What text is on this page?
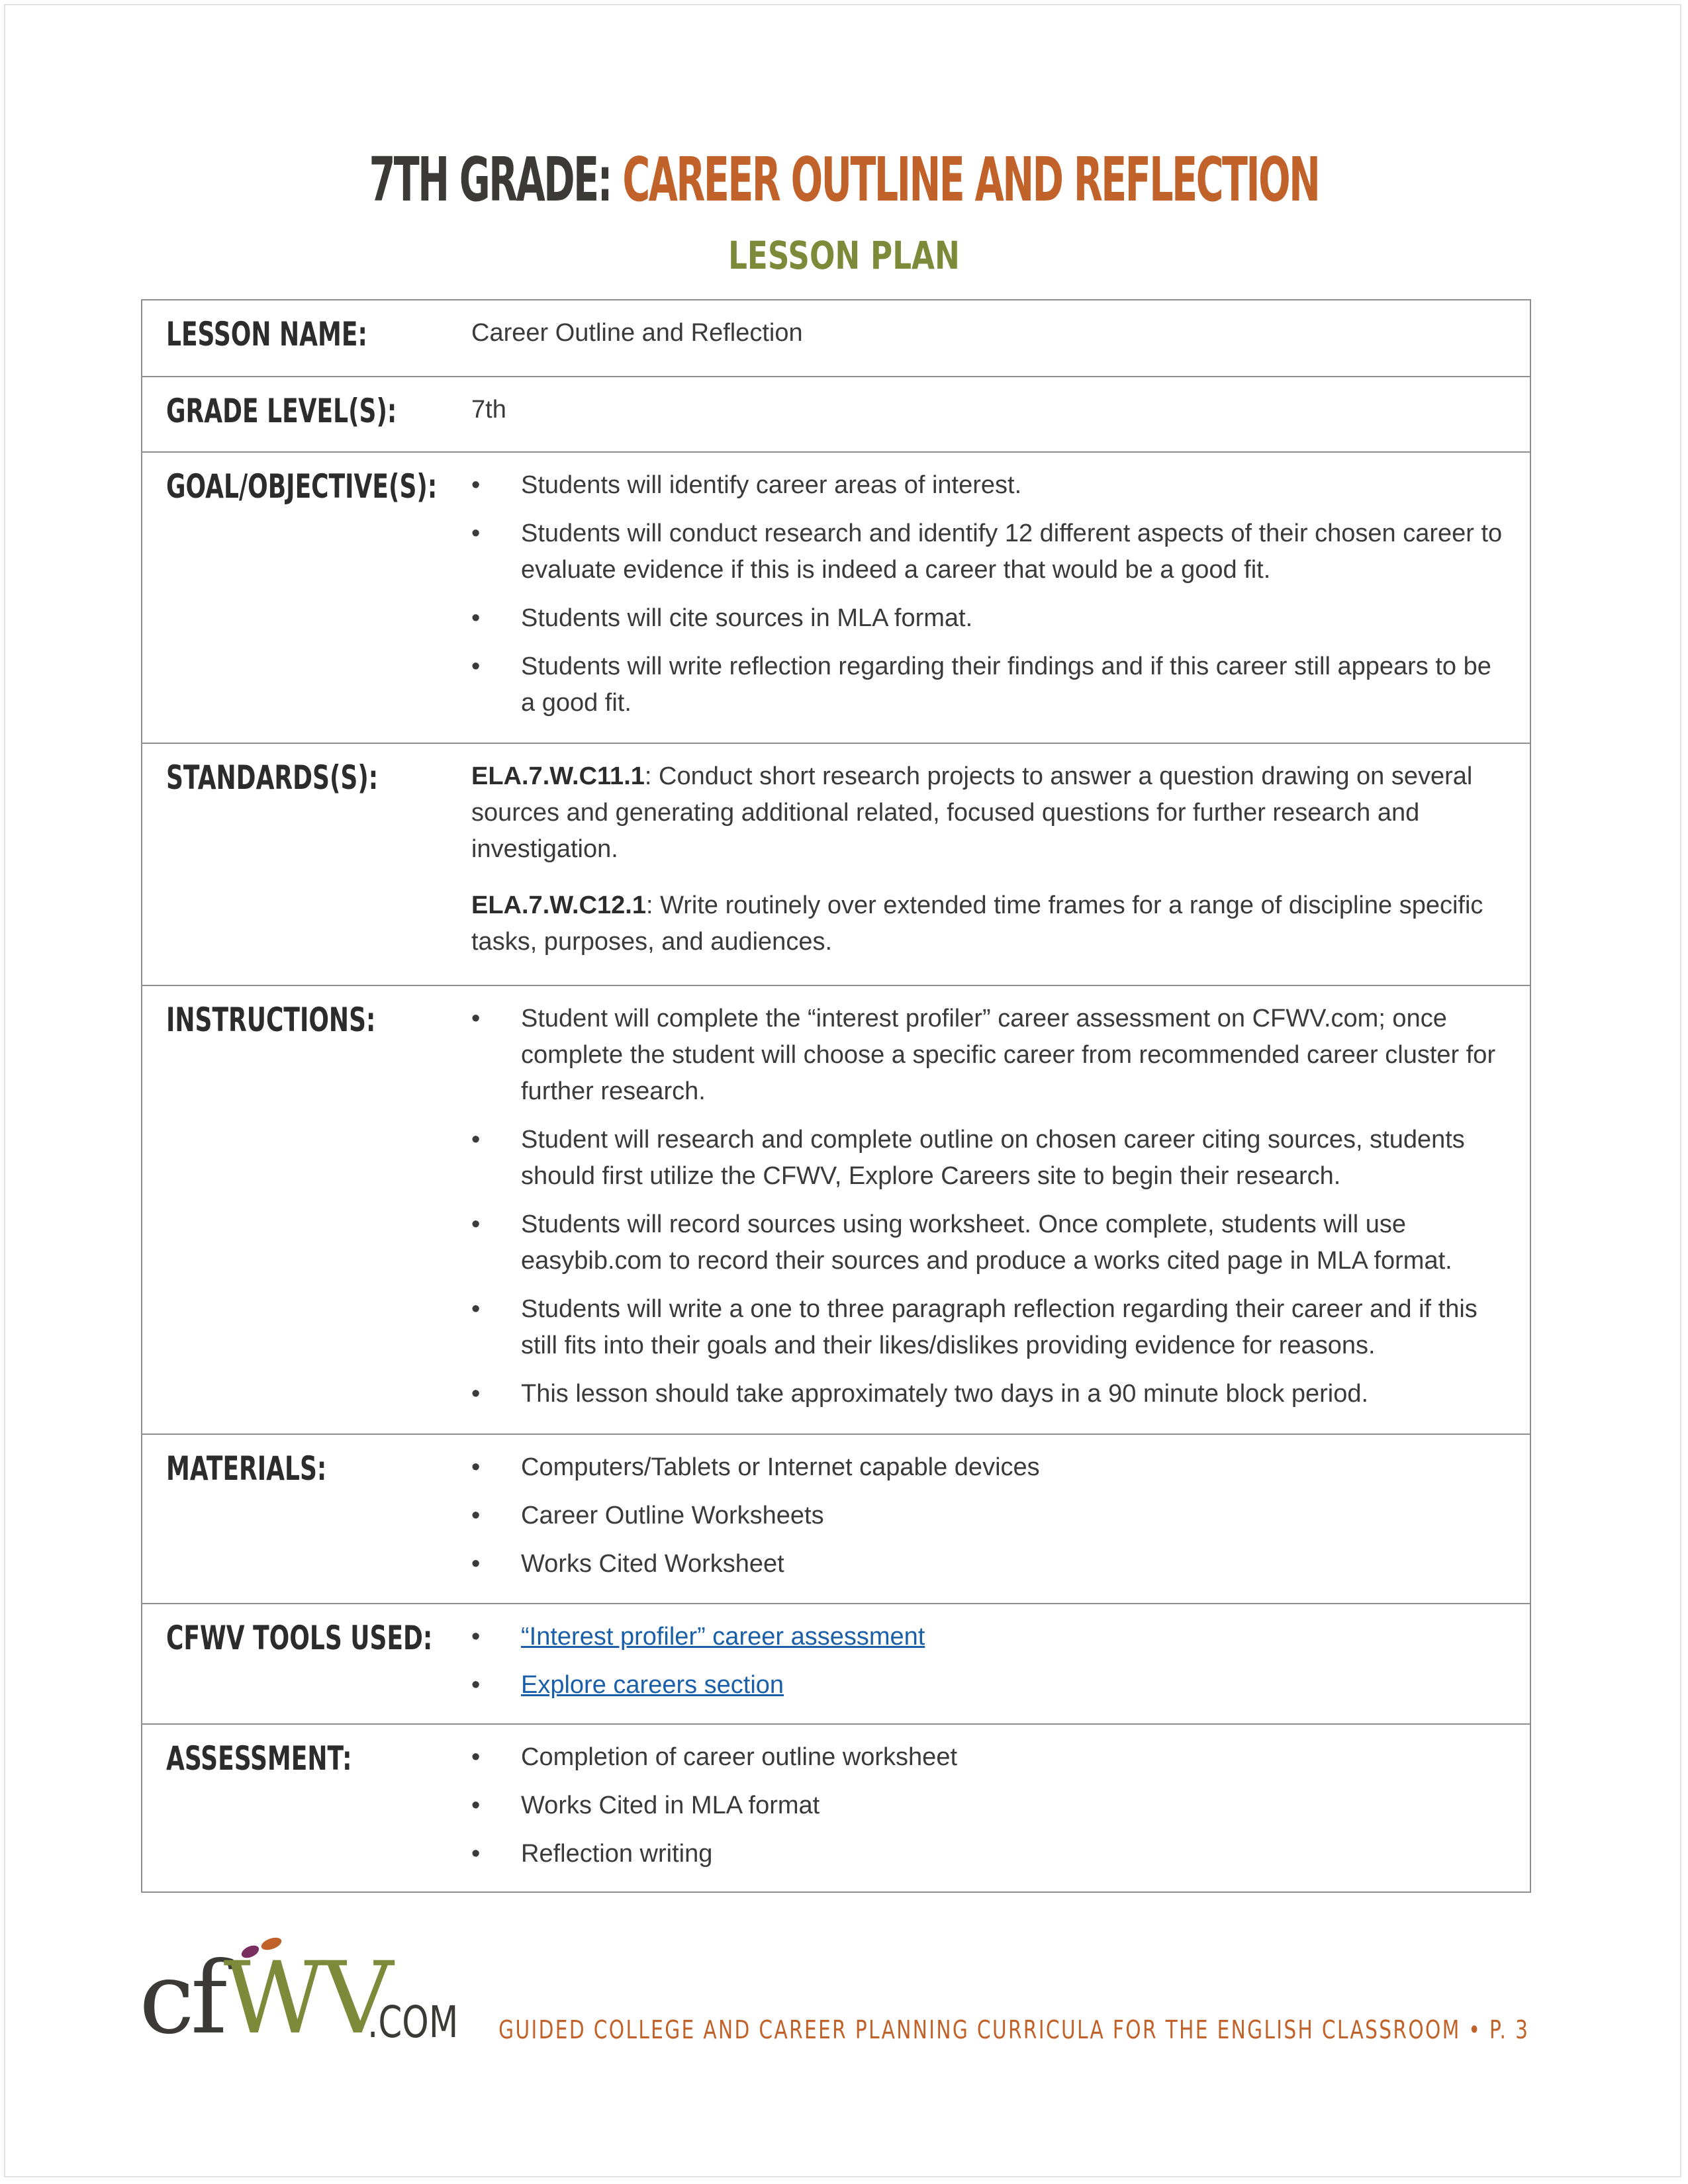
7TH GRADE: CAREER OUTLINE AND REFLECTION
LESSON PLAN
LESSON NAME:	Career Outline and Reflection

GRADE LEVEL(S):	7th

GOAL/OBJECTIVE(S):	• Students will identify career areas of interest.
• Students will conduct research and identify 12 different aspects of their chosen career to evaluate evidence if this is indeed a career that would be a good fit.
• Students will cite sources in MLA format.
• Students will write reflection regarding their findings and if this career still appears to be a good fit.
STANDARDS(S):	ELA.7.W.C11.1: Conduct short research projects to answer a question drawing on several sources and generating additional related, focused questions for further research and investigation.

ELA.7.W.C12.1: Write routinely over extended time frames for a range of discipline specific tasks, purposes, and audiences.

INSTRUCTIONS:	• Student will complete the “interest profiler” career assessment on CFWV.com; once complete the student will choose a specific career from recommended career cluster for further research.
• Student will research and complete outline on chosen career citing sources, students should first utilize the CFWV, Explore Careers site to begin their research.
• Students will record sources using worksheet. Once complete, students will use easybib.com to record their sources and produce a works cited page in MLA format.
• Students will write a one to three paragraph reflection regarding their career and if this still fits into their goals and their likes/dislikes providing evidence for reasons.
• This lesson should take approximately two days in a 90 minute block period.
MATERIALS:	• Computers/Tablets or Internet capable devices
• Career Outline Worksheets
• Works Cited Worksheet
CFWV TOOLS USED:	• “Interest profiler” career assessment
• Explore careers section
ASSESSMENT:	• Completion of career outline worksheet
• Works Cited in MLA format
• Reflection writing
cfWV
.COM GUIDED COLLEGE AND CAREER PLANNING CURRICULA FOR THE ENGLISH CLASSROOM • P. 3
